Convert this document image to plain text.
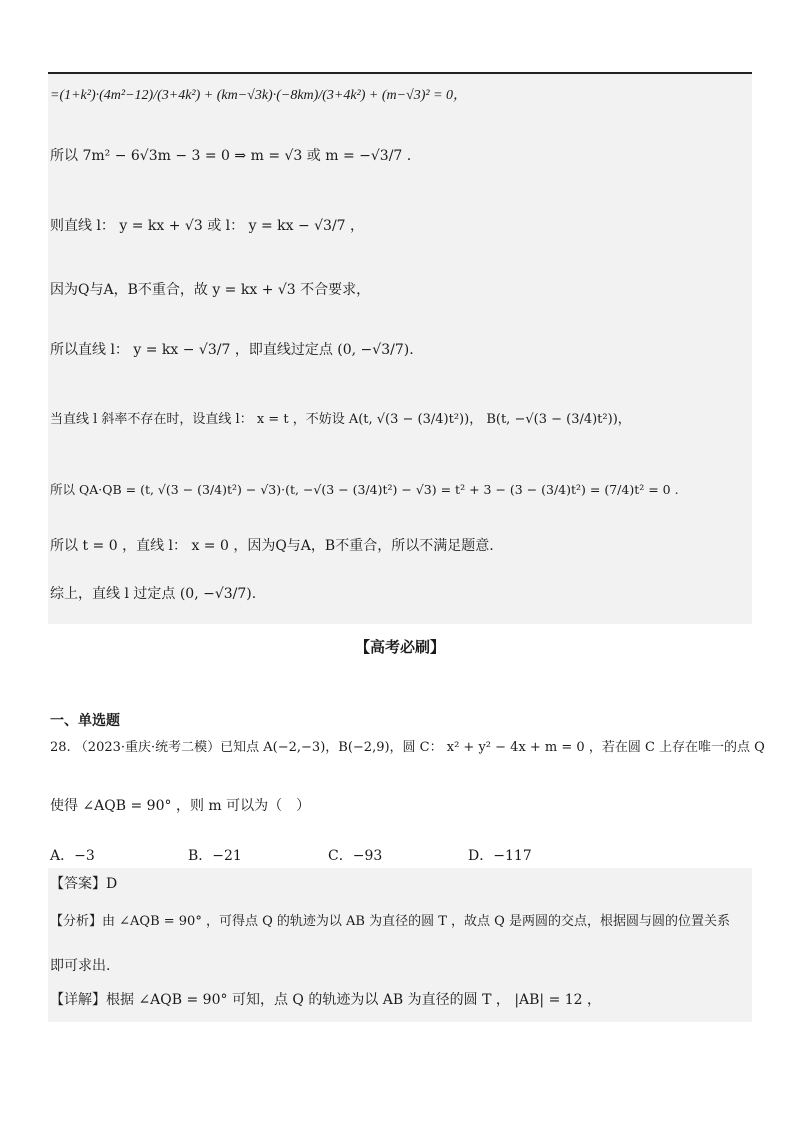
=(1+k²)·(4m²−12)/(3+4k²) + (km−√3k)·(−8km)/(3+4k²) + (m−√3)² = 0，
所以 7m² − 6√3m − 3 = 0 ⇒ m = √3 或 m = −√3/7 .
则直线 l： y = kx + √3 或 l： y = kx − √3/7 ，
因为Q与A，B不重合，故 y = kx + √3 不合要求，
所以直线 l： y = kx − √3/7 ，即直线过定点 (0, −√3/7).
当直线 l 斜率不存在时，设直线 l： x = t ，不妨设 A(t, √(3 − (3/4)t²))， B(t, −√(3 − (3/4)t²))，
所以 QA·QB = (t, √(3 − (3/4)t²) − √3)·(t, −√(3 − (3/4)t²) − √3) = t² + 3 − (3 − (3/4)t²) = (7/4)t² = 0 .
所以 t = 0 ，直线 l： x = 0 ，因为Q与A，B不重合，所以不满足题意.
综上，直线 l 过定点 (0, −√3/7).
【高考必刷】
一、单选题
28. （2023·重庆·统考二模）已知点 A(−2,−3)，B(−2,9)，圆 C： x² + y² − 4x + m = 0 ，若在圆 C 上存在唯一的点 Q
使得 ∠AQB = 90° ，则 m 可以为（　）
A．−3	B．−21	C．−93	D．−117
【答案】D
【分析】由 ∠AQB = 90° ，可得点 Q 的轨迹为以 AB 为直径的圆 T ，故点 Q 是两圆的交点，根据圆与圆的位置关系
即可求出.
【详解】根据 ∠AQB = 90° 可知，点 Q 的轨迹为以 AB 为直径的圆 T ， |AB| = 12 ，
